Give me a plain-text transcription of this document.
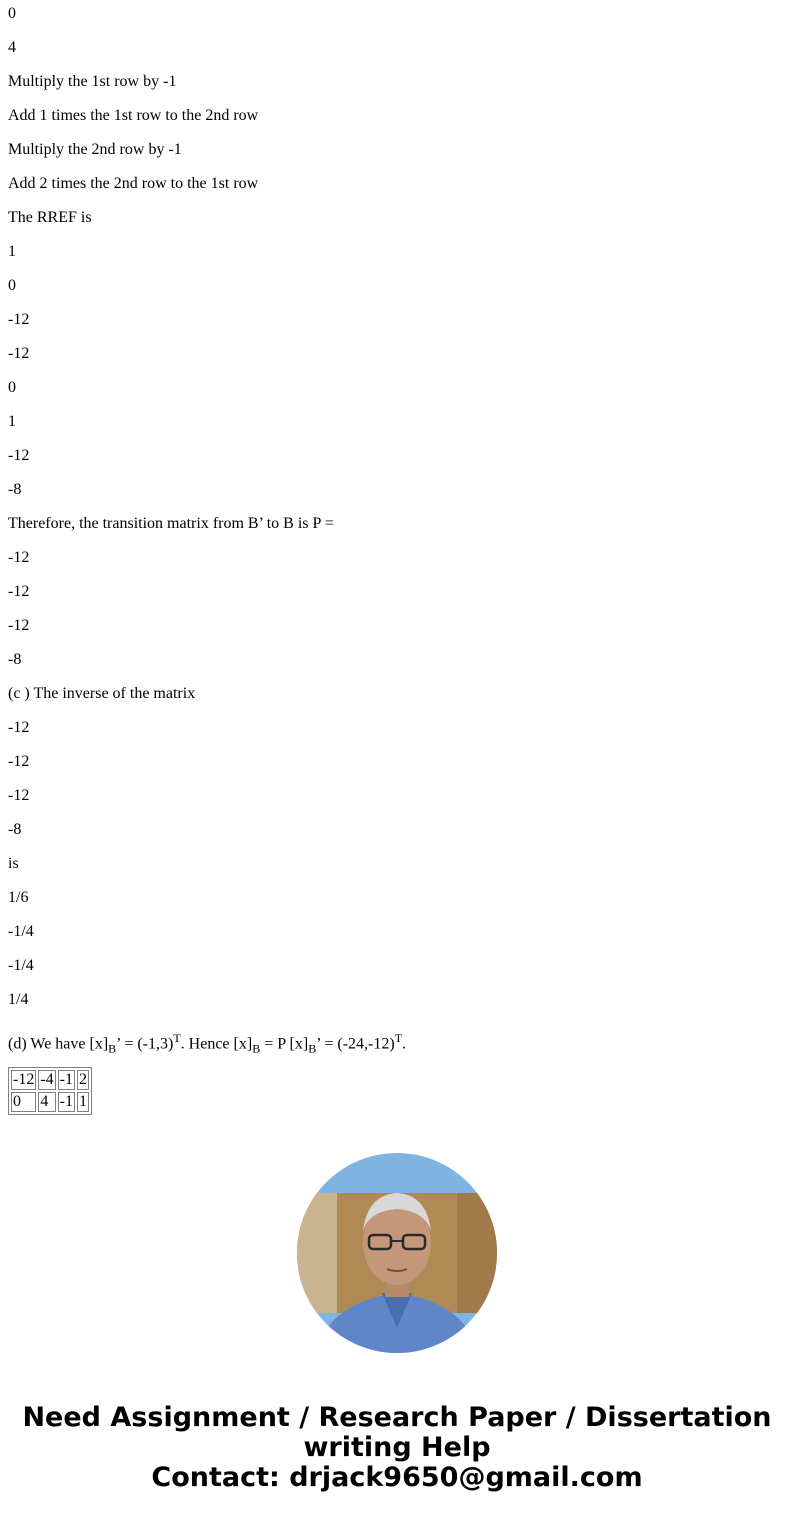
0
4
Multiply the 1st row by -1
Add 1 times the 1st row to the 2nd row
Multiply the 2nd row by -1
Add 2 times the 2nd row to the 1st row
The RREF is
1
0
-12
-12
0
1
-12
-8
Therefore, the transition matrix from B’ to B is P =
-12
-12
-12
-8
(c ) The inverse of the matrix
-12
-12
-12
-8
is
1/6
-1/4
-1/4
1/4
(d) We have $[x]_B$’ = $(-1,3)^T$. Hence $[x]_B = P$ $[x]_B$’ = $(-24,-12)^T$.
-12	-4	-1	2
0	4	-1	1
Need Assignment / Research Paper / Dissertation
writing Help
Contact: drjack9650@gmail.com
